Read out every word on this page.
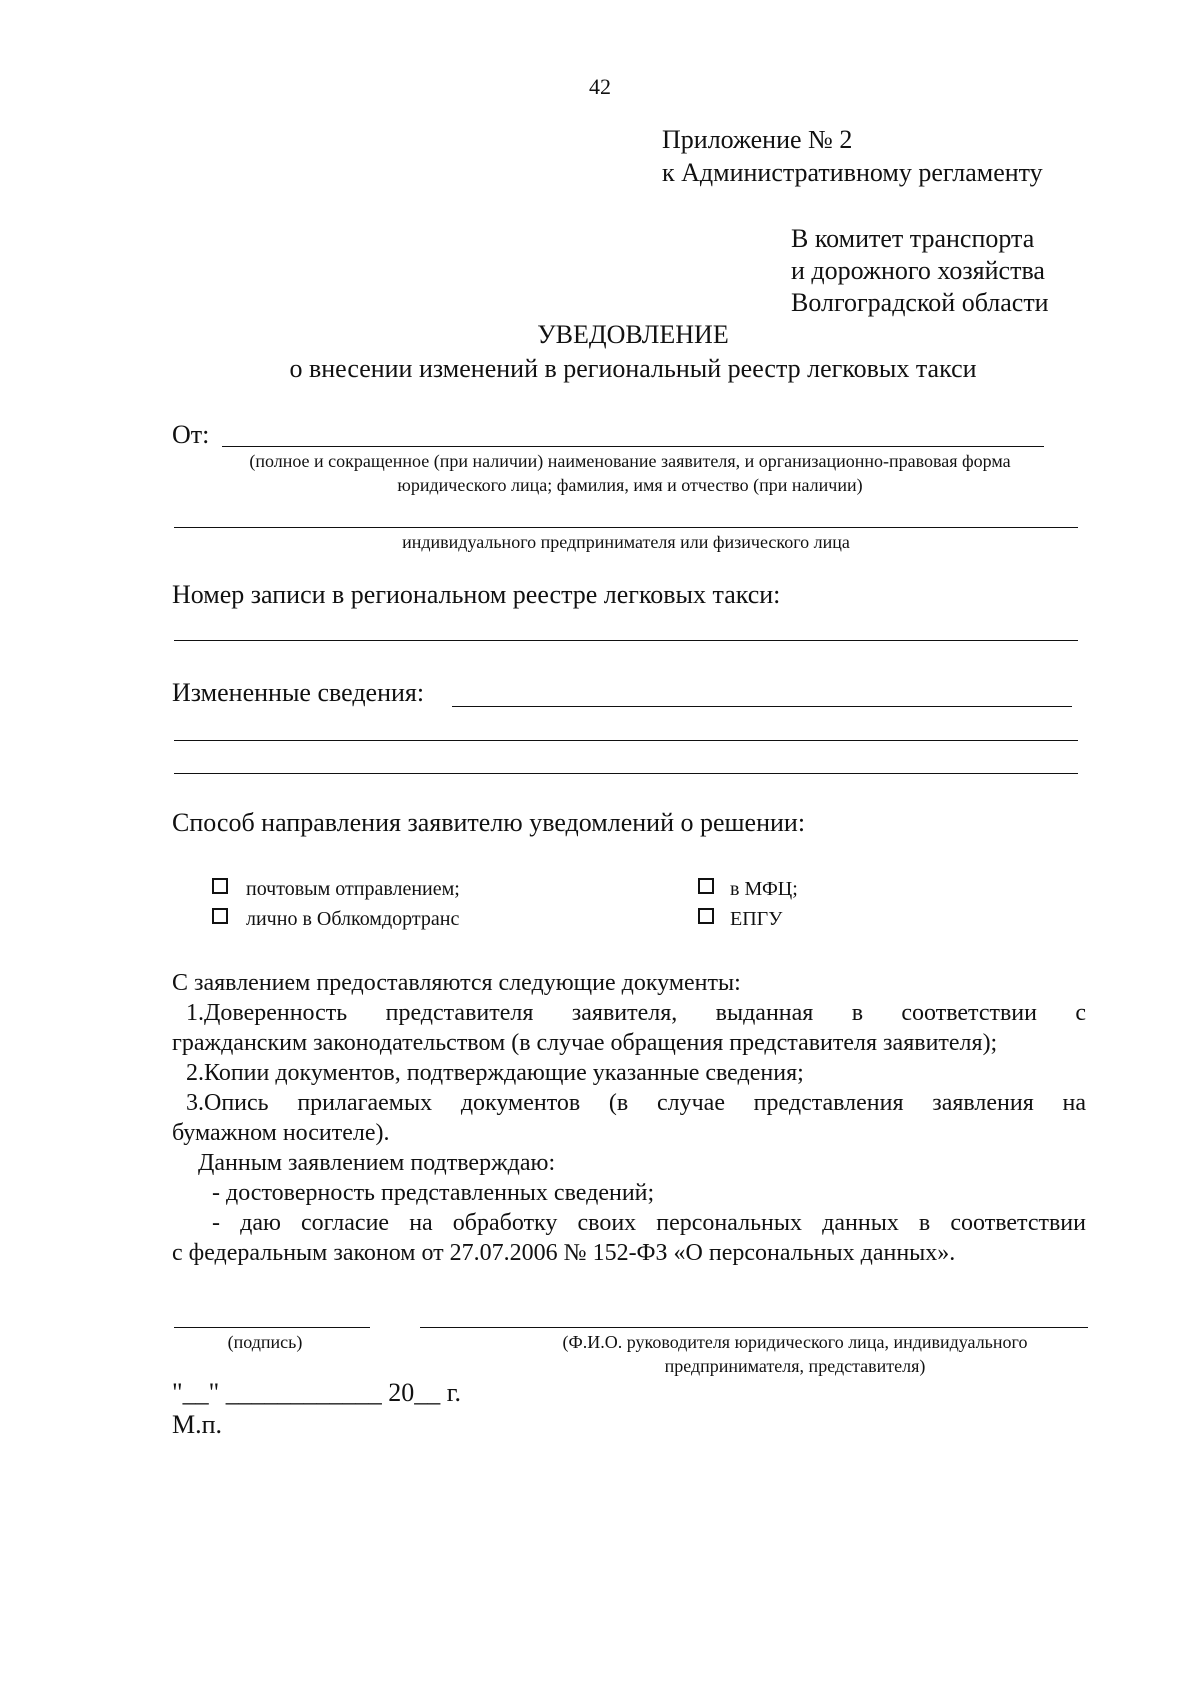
42
Приложение № 2
к Административному регламенту
В комитет транспорта
и дорожного хозяйства
Волгоградской области
УВЕДОВЛЕНИЕ
о внесении изменений в региональный реестр легковых такси
От:
(полное и сокращенное (при наличии) наименование заявителя, и организационно-правовая форма
юридического лица; фамилия, имя и отчество (при наличии)
индивидуального предпринимателя или физического лица
Номер записи в региональном реестре легковых такси:
Измененные сведения:
Способ направления заявителю уведомлений о решении:
почтовым отправлением;
лично в Облкомдортранс
в МФЦ;
ЕПГУ
С заявлением предоставляются следующие документы:
1.Доверенность представителя заявителя, выданная в соответствии с
гражданским законодательством (в случае обращения представителя заявителя);
2.Копии документов, подтверждающие указанные сведения;
3.Опись прилагаемых документов (в случае представления заявления на
бумажном носителе).
Данным заявлением подтверждаю:
- достоверность представленных сведений;
- даю согласие на обработку своих персональных данных в соответствии
с федеральным законом от 27.07.2006 № 152-ФЗ «О персональных данных».
(подпись)	(Ф.И.О. руководителя юридического лица, индивидуального
предпринимателя, представителя)
"__" ____________ 20__ г.
М.п.
